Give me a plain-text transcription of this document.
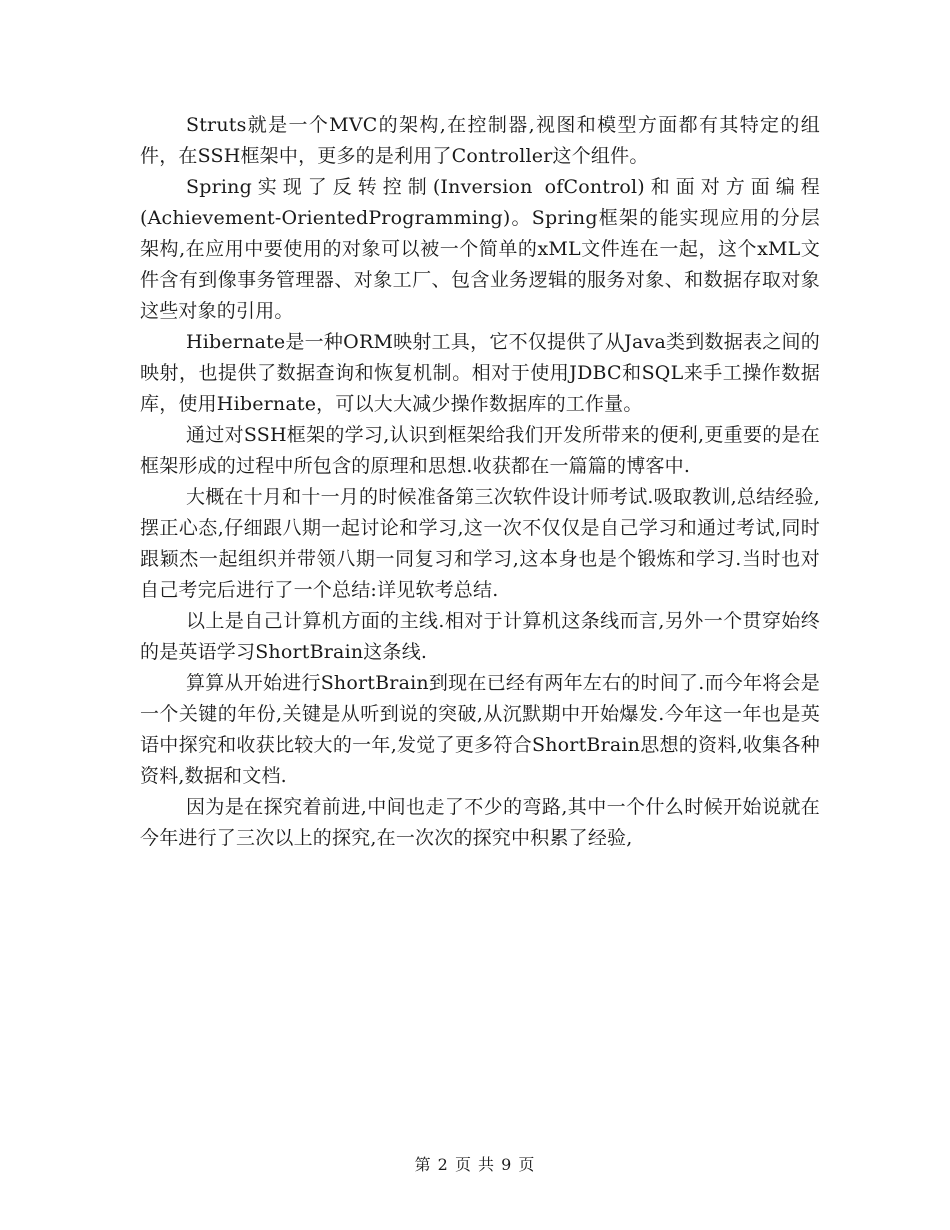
Struts就是一个MVC的架构,在控制器,视图和模型方面都有其特定的组件，在SSH框架中，更多的是利用了Controller这个组件。

Spring实现了反转控制(Inversion ofControl)和面对方面编程(Achievement-OrientedProgramming)。Spring框架的能实现应用的分层架构,在应用中要使用的对象可以被一个简单的xML文件连在一起，这个xML文件含有到像事务管理器、对象工厂、包含业务逻辑的服务对象、和数据存取对象这些对象的引用。

Hibernate是一种ORM映射工具，它不仅提供了从Java类到数据表之间的映射，也提供了数据查询和恢复机制。相对于使用JDBC和SQL来手工操作数据库，使用Hibernate，可以大大减少操作数据库的工作量。

通过对SSH框架的学习,认识到框架给我们开发所带来的便利,更重要的是在框架形成的过程中所包含的原理和思想.收获都在一篇篇的博客中.

大概在十月和十一月的时候准备第三次软件设计师考试.吸取教训,总结经验,摆正心态,仔细跟八期一起讨论和学习,这一次不仅仅是自己学习和通过考试,同时跟颖杰一起组织并带领八期一同复习和学习,这本身也是个锻炼和学习.当时也对自己考完后进行了一个总结:详见软考总结.

以上是自己计算机方面的主线.相对于计算机这条线而言,另外一个贯穿始终的是英语学习ShortBrain这条线.

算算从开始进行ShortBrain到现在已经有两年左右的时间了.而今年将会是一个关键的年份,关键是从听到说的突破,从沉默期中开始爆发.今年这一年也是英语中探究和收获比较大的一年,发觉了更多符合ShortBrain思想的资料,收集各种资料,数据和文档.

因为是在探究着前进,中间也走了不少的弯路,其中一个什么时候开始说就在今年进行了三次以上的探究,在一次次的探究中积累了经验,

第 2 页 共 9 页
